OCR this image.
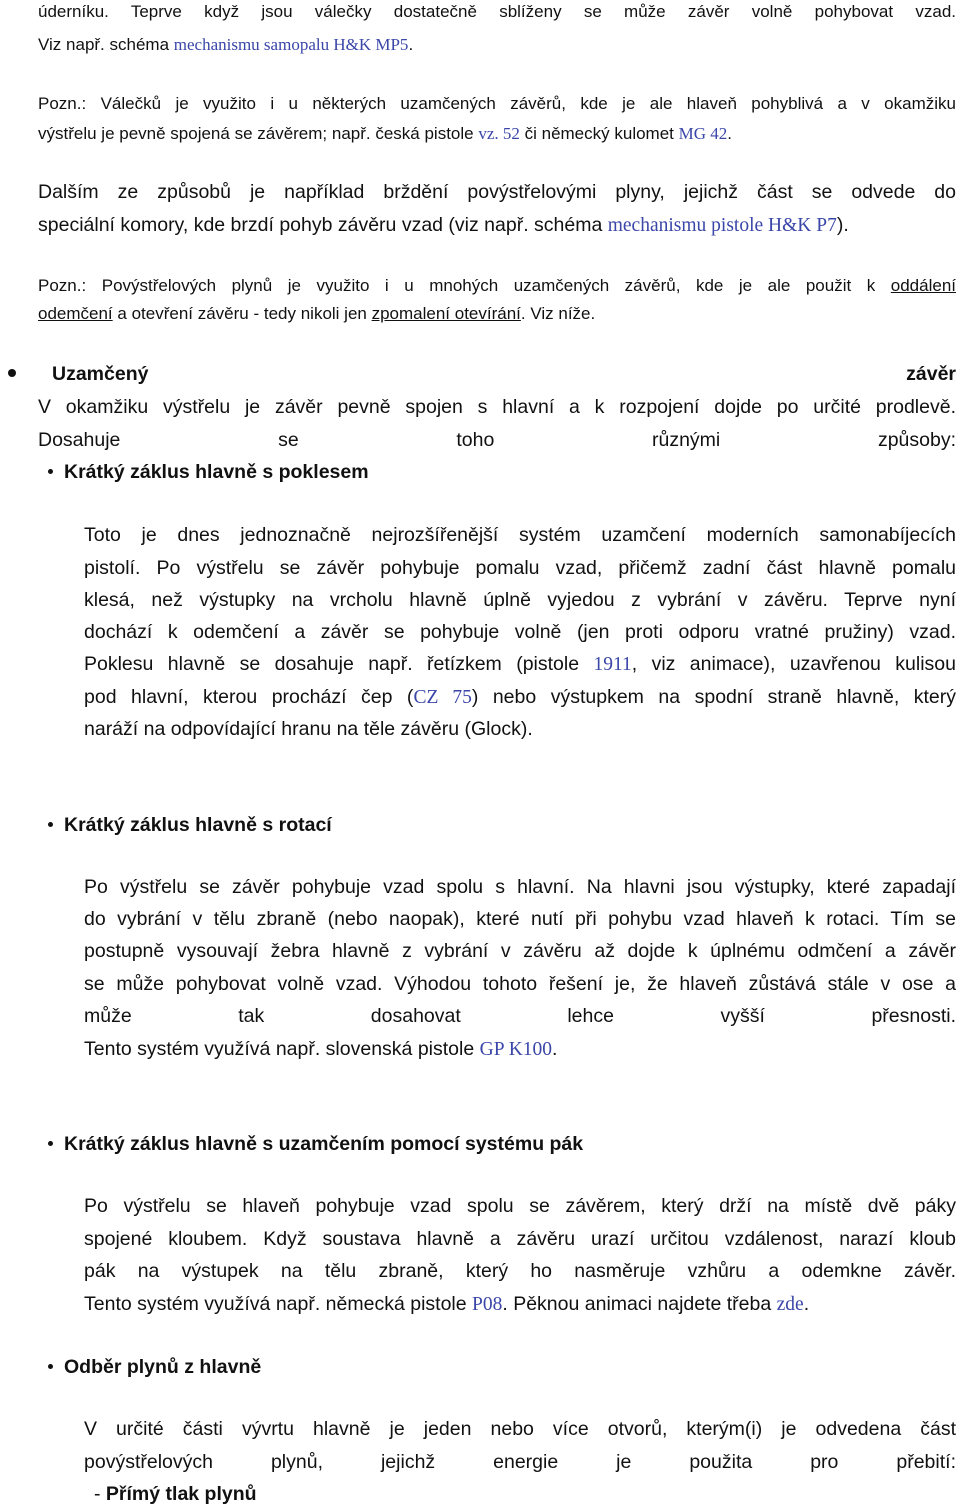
úderníku. Teprve když jsou válečky dostatečně sblíženy se může závěr volně pohybovat vzad.
Viz např. schéma mechanismu samopalu H&K MP5.
Pozn.: Válečků je využito i u některých uzamčených závěrů, kde je ale hlaveň pohyblivá a v okamžiku
výstřelu je pevně spojená se závěrem; např. česká pistole vz. 52 či německý kulomet MG 42.
Dalším ze způsobů je například brždění povýstřelovými plyny, jejichž část se odvede do
speciální komory, kde brzdí pohyb závěru vzad (viz např. schéma mechanismu pistole H&K P7).
Pozn.: Povýstřelových plynů je využito i u mnohých uzamčených závěrů, kde je ale použit k oddálení
odemčení a otevření závěru - tedy nikoli jen zpomalení otevírání. Viz níže.
Uzamčený	závěr
V okamžiku výstřelu je závěr pevně spojen s hlavní a k rozpojení dojde po určité prodlevě.
Dosahuje se toho různými způsoby:
Krátký záklus hlavně s poklesem
Toto je dnes jednoznačně nejrozšířenější systém uzamčení moderních samonabíjecích
pistolí. Po výstřelu se závěr pohybuje pomalu vzad, přičemž zadní část hlavně pomalu
klesá, než výstupky na vrcholu hlavně úplně vyjedou z vybrání v závěru. Teprve nyní
dochází k odemčení a závěr se pohybuje volně (jen proti odporu vratné pružiny) vzad.
Poklesu hlavně se dosahuje např. řetízkem (pistole 1911, viz animace), uzavřenou kulisou
pod hlavní, kterou prochází čep (CZ 75) nebo výstupkem na spodní straně hlavně, který
naráží na odpovídající hranu na těle závěru (Glock).
Krátký záklus hlavně s rotací
Po výstřelu se závěr pohybuje vzad spolu s hlavní. Na hlavni jsou výstupky, které zapadají
do vybrání v tělu zbraně (nebo naopak), které nutí při pohybu vzad hlaveň k rotaci. Tím se
postupně vysouvají žebra hlavně z vybrání v závěru až dojde k úplnému odmčení a závěr
se může pohybovat volně vzad. Výhodou tohoto řešení je, že hlaveň zůstává stále v ose a
může tak dosahovat lehce vyšší přesnosti.
Tento systém využívá např. slovenská pistole GP K100.
Krátký záklus hlavně s uzamčením pomocí systému pák
Po výstřelu se hlaveň pohybuje vzad spolu se závěrem, který drží na místě dvě páky
spojené kloubem. Když soustava hlavně a závěru urazí určitou vzdálenost, narazí kloub
pák na výstupek na tělu zbraně, který ho nasměruje vzhůru a odemkne závěr.
Tento systém využívá např. německá pistole P08. Pěknou animaci najdete třeba zde.
Odběr plynů z hlavně
V určité části vývrtu hlavně je jeden nebo více otvorů, kterým(i) je odvedena část
povýstřelových plynů, jejichž energie je použita pro přebití:
- Přímý tlak plynů
